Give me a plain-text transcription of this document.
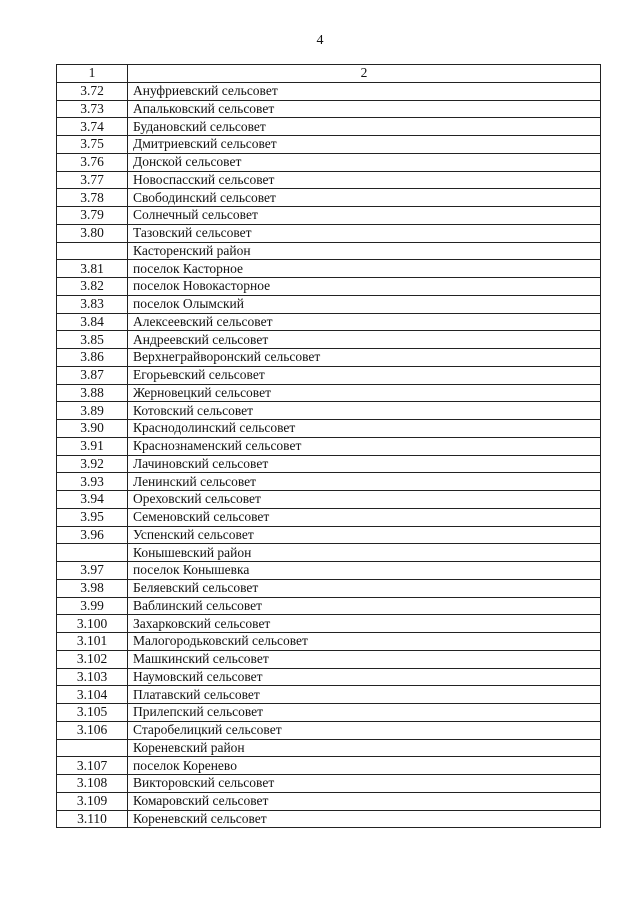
4
1	2
3.72	Ануфриевский сельсовет
3.73	Апальковский сельсовет
3.74	Будановский сельсовет
3.75	Дмитриевский сельсовет
3.76	Донской сельсовет
3.77	Новоспасский сельсовет
3.78	Свободинский сельсовет
3.79	Солнечный сельсовет
3.80	Тазовский сельсовет
	Касторенский район
3.81	поселок Касторное
3.82	поселок Новокасторное
3.83	поселок Олымский
3.84	Алексеевский сельсовет
3.85	Андреевский сельсовет
3.86	Верхнеграйворонский сельсовет
3.87	Егорьевский сельсовет
3.88	Жерновецкий сельсовет
3.89	Котовский сельсовет
3.90	Краснодолинский сельсовет
3.91	Краснознаменский сельсовет
3.92	Лачиновский сельсовет
3.93	Ленинский сельсовет
3.94	Ореховский сельсовет
3.95	Семеновский сельсовет
3.96	Успенский сельсовет
	Конышевский район
3.97	поселок Конышевка
3.98	Беляевский сельсовет
3.99	Ваблинский сельсовет
3.100	Захарковский сельсовет
3.101	Малогородьковский сельсовет
3.102	Машкинский сельсовет
3.103	Наумовский сельсовет
3.104	Платавский сельсовет
3.105	Прилепский сельсовет
3.106	Старобелицкий сельсовет
	Кореневский район
3.107	поселок Коренево
3.108	Викторовский сельсовет
3.109	Комаровский сельсовет
3.110	Кореневский сельсовет
